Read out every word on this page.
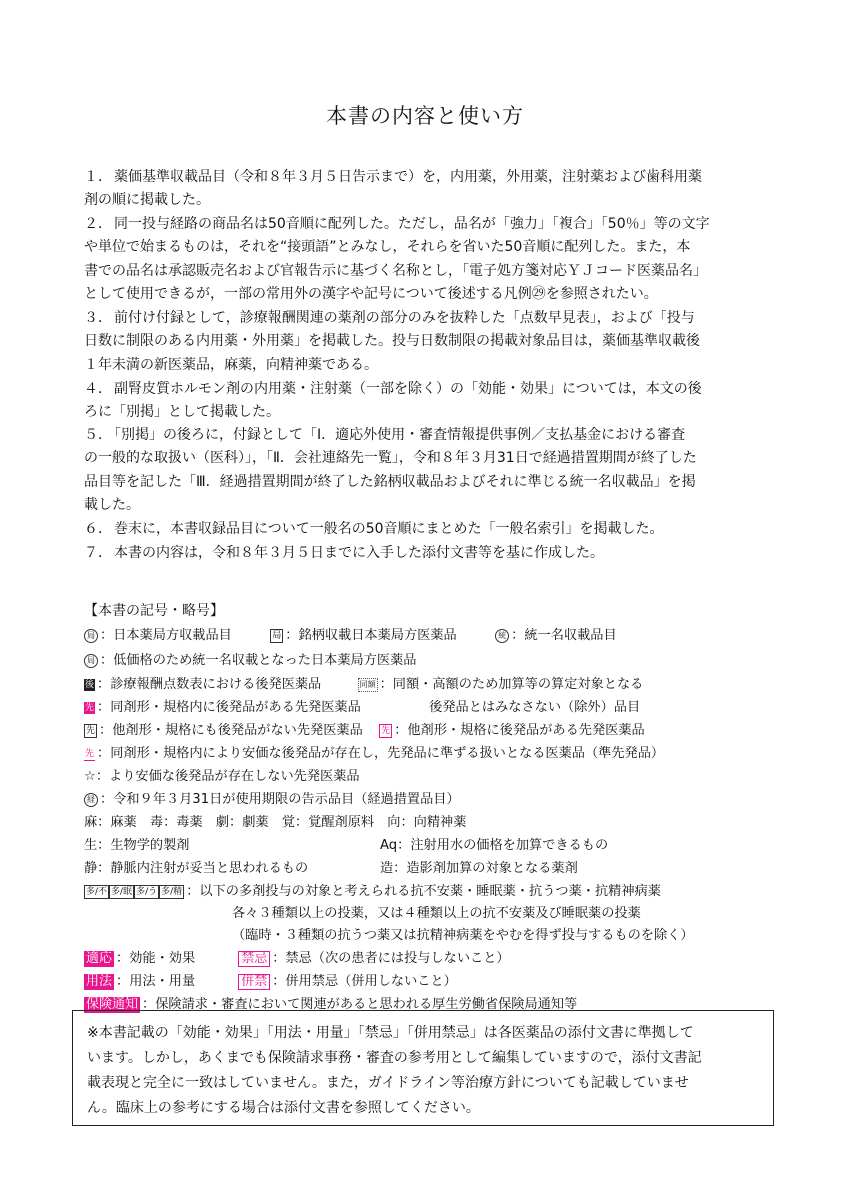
本書の内容と使い方
１． 薬価基準収載品目（令和８年３月５日告示まで）を，内用薬，外用薬，注射薬および歯科用薬
剤の順に掲載した。
２． 同一投与経路の商品名は50音順に配列した。ただし，品名が「強力」「複合」「50％」等の文字
や単位で始まるものは，それを“接頭語”とみなし，それらを省いた50音順に配列した。また，本
書での品名は承認販売名および官報告示に基づく名称とし，「電子処方箋対応ＹＪコード医薬品名」
として使用できるが，一部の常用外の漢字や記号について後述する凡例㉙を参照されたい。
３． 前付け付録として，診療報酬関連の薬剤の部分のみを抜粋した「点数早見表」，および「投与
日数に制限のある内用薬・外用薬」を掲載した。投与日数制限の掲載対象品目は，薬価基準収載後
１年未満の新医薬品，麻薬，向精神薬である。
４． 副腎皮質ホルモン剤の内用薬・注射薬（一部を除く）の「効能・効果」については，本文の後
ろに「別掲」として掲載した。
５． 「別掲」の後ろに，付録として「Ⅰ．適応外使用・審査情報提供事例／支払基金における審査
の一般的な取扱い（医科）」，「Ⅱ．会社連絡先一覧」，令和８年３月31日で経過措置期間が終了した
品目等を記した「Ⅲ．経過措置期間が終了した銘柄収載品およびそれに準じる統一名収載品」を掲
載した。
６． 巻末に，本書収録品目について一般名の50音順にまとめた「一般名索引」を掲載した。
７． 本書の内容は，令和８年３月５日までに入手した添付文書等を基に作成した。
【本書の記号・略号】
局 ：日本薬局方収載品目	局 ：銘柄収載日本薬局方医薬品	統 ：統一名収載品目
局 ：低価格のため統一名収載となった日本薬局方医薬品
後 ：診療報酬点数表における後発医薬品	同額 ：同額・高額のため加算等の算定対象となる
先 ：同剤形・規格内に後発品がある先発医薬品	後発品とはみなさない（除外）品目
先 ：他剤形・規格にも後発品がない先発医薬品 先 ：他剤形・規格に後発品がある先発医薬品
先 ：同剤形・規格内により安価な後発品が存在し，先発品に準ずる扱いとなる医薬品（準先発品）
☆：より安価な後発品が存在しない先発医薬品
経 ：令和９年３月31日が使用期限の告示品目（経過措置品目）
麻：麻薬　毒：毒薬　劇：劇薬　覚：覚醒剤原料　向：向精神薬
生：生物学的製剤	Aq：注射用水の価格を加算できるもの
静：静脈内注射が妥当と思われるもの	造：造影剤加算の対象となる薬剤
多/不 多/眠 多/う 多/精 ：以下の多剤投与の対象と考えられる抗不安薬・睡眠薬・抗うつ薬・抗精神病薬
各々３種類以上の投薬，又は４種類以上の抗不安薬及び睡眠薬の投薬
（臨時・３種類の抗うつ薬又は抗精神病薬をやむを得ず投与するものを除く）
適応 ：効能・効果	禁忌 ：禁忌（次の患者には投与しないこと）
用法 ：用法・用量	併禁 ：併用禁忌（併用しないこと）
保険通知 ：保険請求・審査において関連があると思われる厚生労働省保険局通知等
※本書記載の「効能・効果」「用法・用量」「禁忌」「併用禁忌」は各医薬品の添付文書に準拠して
います。しかし，あくまでも保険請求事務・審査の参考用として編集していますので，添付文書記
載表現と完全に一致はしていません。また，ガイドライン等治療方針についても記載していませ
ん。臨床上の参考にする場合は添付文書を参照してください。
